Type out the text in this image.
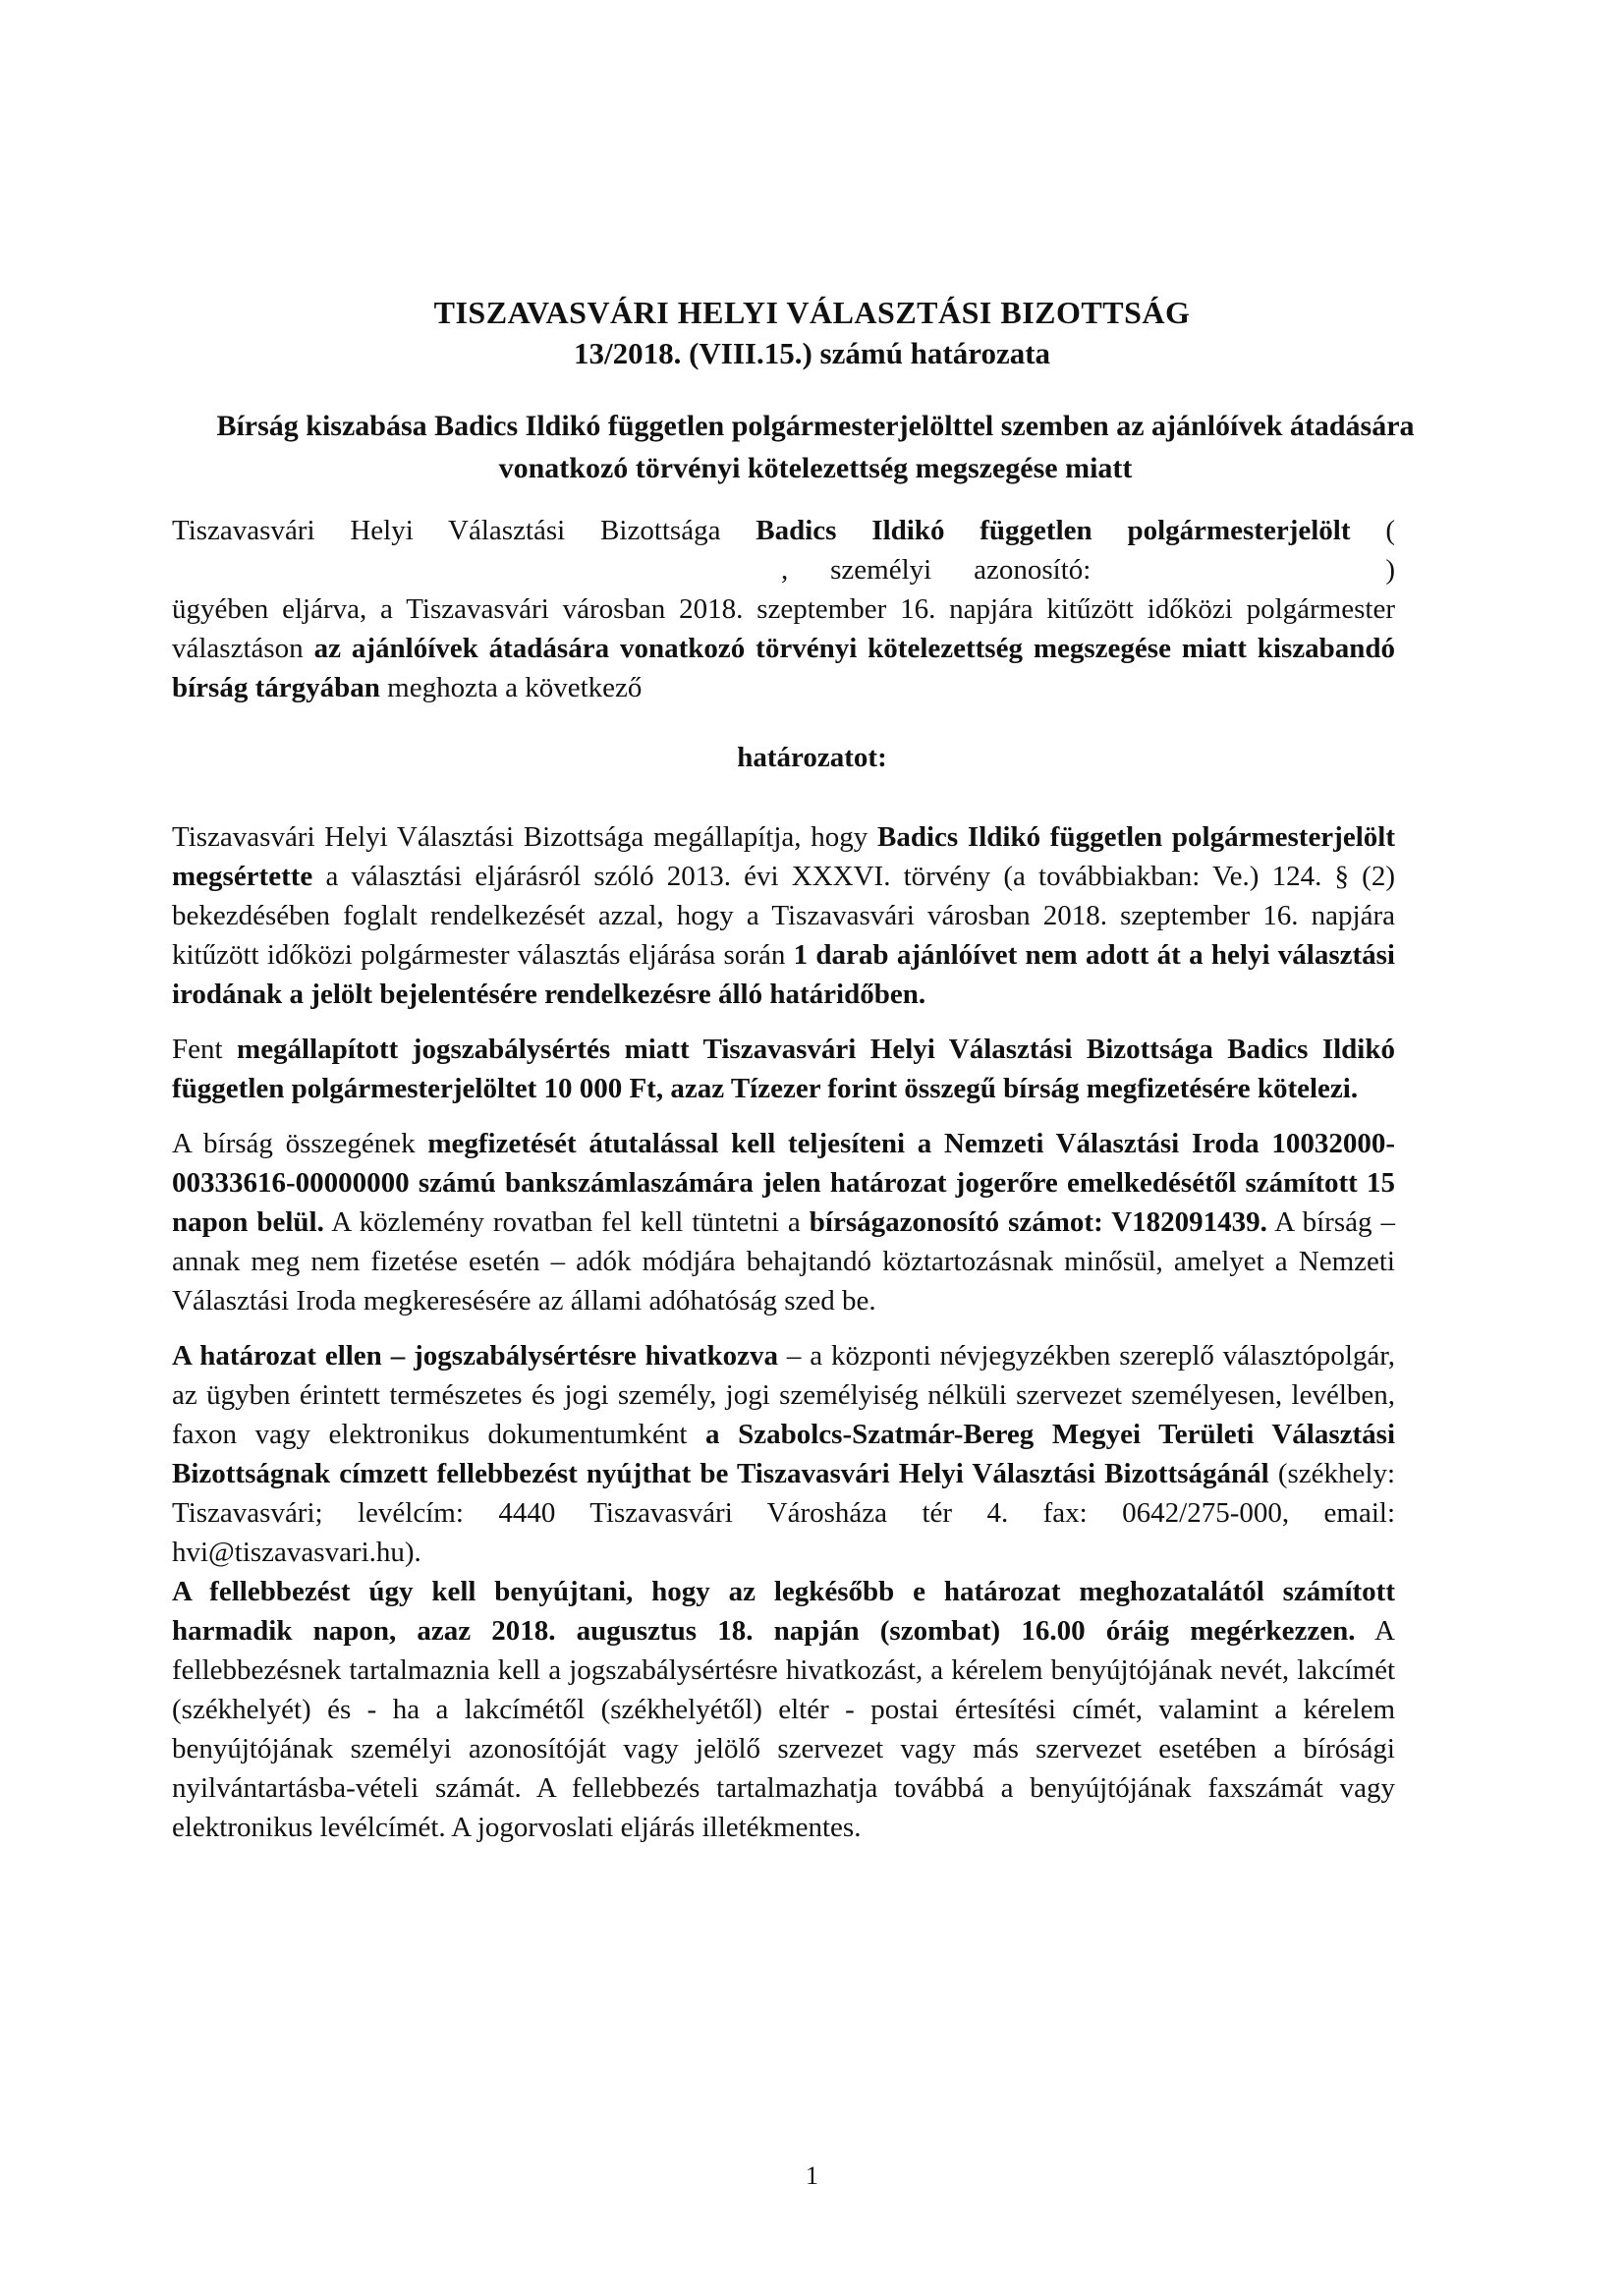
TISZAVASVÁRI HELYI VÁLASZTÁSI BIZOTTSÁG
13/2018. (VIII.15.) számú határozata
Bírság kiszabása Badics Ildikó független polgármesterjelölttel szemben az ajánlóívek átadására vonatkozó törvényi kötelezettség megszegése miatt

Tiszavasvári Helyi Választási Bizottsága Badics Ildikó független polgármesterjelölt (, személyi azonosító:	) ügyében eljárva, a Tiszavasvári városban 2018. szeptember 16. napjára kitűzött időközi polgármester választáson az ajánlóívek átadására vonatkozó törvényi kötelezettség megszegése miatt kiszabandó bírság tárgyában meghozta a következő

határozatot:

Tiszavasvári Helyi Választási Bizottsága megállapítja, hogy Badics Ildikó független polgármesterjelölt megsértette a választási eljárásról szóló 2013. évi XXXVI. törvény (a továbbiakban: Ve.) 124. § (2) bekezdésében foglalt rendelkezését azzal, hogy a Tiszavasvári városban 2018. szeptember 16. napjára kitűzött időközi polgármester választás eljárása során 1 darab ajánlóívet nem adott át a helyi választási irodának a jelölt bejelentésére rendelkezésre álló határidőben.

Fent megállapított jogszabálysértés miatt Tiszavasvári Helyi Választási Bizottsága Badics Ildikó független polgármesterjelöltet 10 000 Ft, azaz Tízezer forint összegű bírság megfizetésére kötelezi.

A bírság összegének megfizetését átutalással kell teljesíteni a Nemzeti Választási Iroda 10032000-00333616-00000000 számú bankszámlaszámára jelen határozat jogerőre emelkedésétől számított 15 napon belül. A közlemény rovatban fel kell tüntetni a bírságazonosító számot: V182091439. A bírság – annak meg nem fizetése esetén – adók módjára behajtandó köztartozásnak minősül, amelyet a Nemzeti Választási Iroda megkeresésére az állami adóhatóság szed be.

A határozat ellen – jogszabálysértésre hivatkozva – a központi névjegyzékben szereplő választópolgár, az ügyben érintett természetes és jogi személy, jogi személyiség nélküli szervezet személyesen, levélben, faxon vagy elektronikus dokumentumként a Szabolcs-Szatmár-Bereg Megyei Területi Választási Bizottságnak címzett fellebbezést nyújthat be Tiszavasvári Helyi Választási Bizottságánál (székhely: Tiszavasvári; levélcím: 4440 Tiszavasvári Városháza tér 4. fax: 0642/275-000, email: hvi@tiszavasvari.hu).

A fellebbezést úgy kell benyújtani, hogy az legkésőbb e határozat meghozatalától számított harmadik napon, azaz 2018. augusztus 18. napján (szombat) 16.00 óráig megérkezzen. A fellebbezésnek tartalmaznia kell a jogszabálysértésre hivatkozást, a kérelem benyújtójának nevét, lakcímét (székhelyét) és - ha a lakcímétől (székhelyétől) eltér - postai értesítési címét, valamint a kérelem benyújtójának személyi azonosítóját vagy jelölő szervezet vagy más szervezet esetében a bírósági nyilvántartásba-vételi számát. A fellebbezés tartalmazhatja továbbá a benyújtójának faxszámát vagy elektronikus levélcímét. A jogorvoslati eljárás illetékmentes.

1
